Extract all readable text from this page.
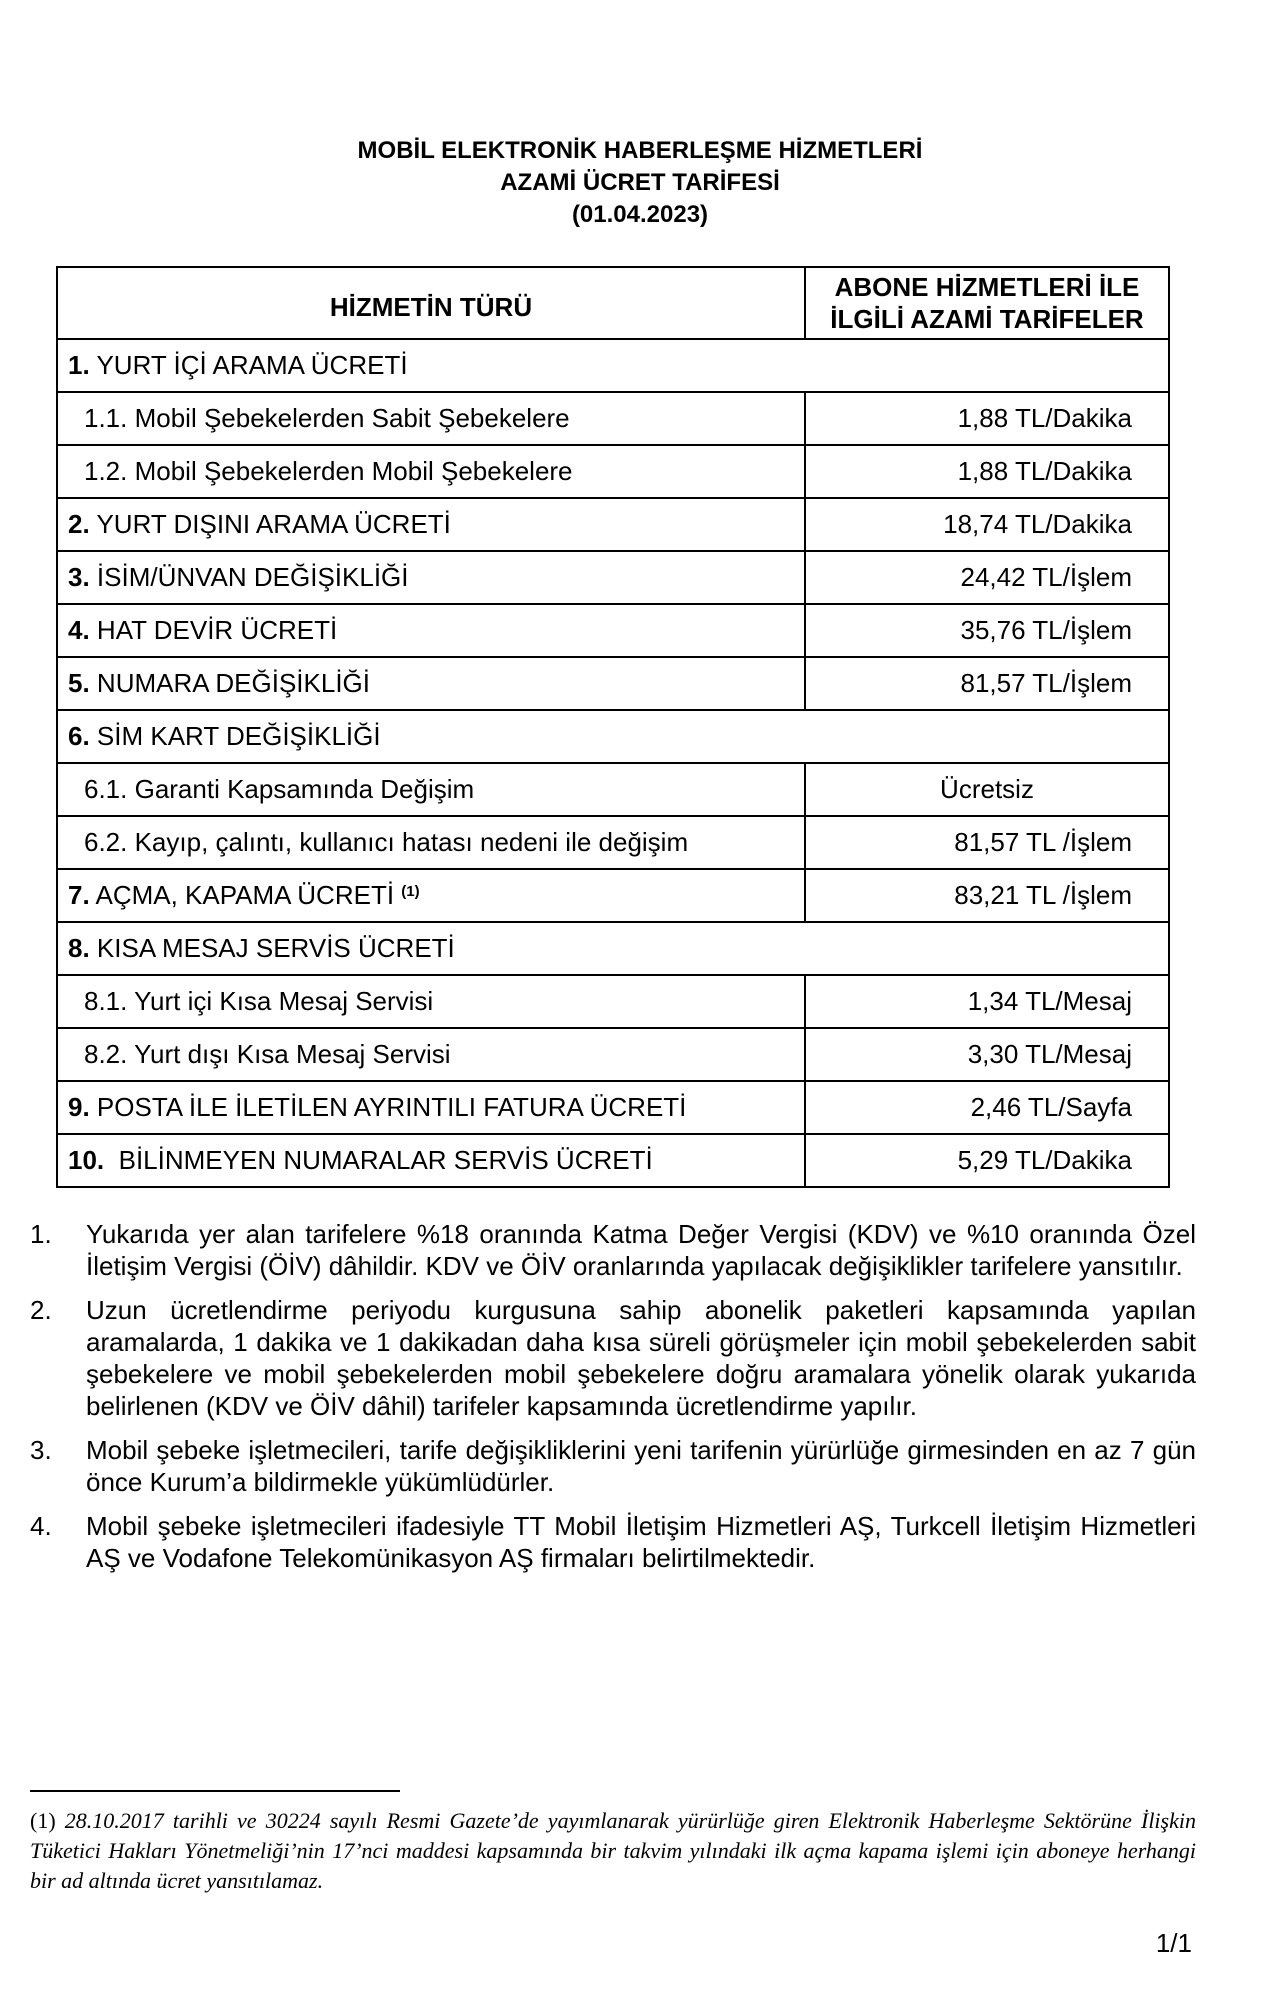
MOBİL ELEKTRONİK HABERLEŞME HİZMETLERİ
AZAMİ ÜCRET TARİFESİ
(01.04.2023)
HİZMETİN TÜRÜ	ABONE HİZMETLERİ İLE
İLGİLİ AZAMİ TARİFELER

1. YURT İÇİ ARAMA ÜCRETİ	
1.1. Mobil Şebekelerden Sabit Şebekelere	1,88 TL/Dakika
1.2. Mobil Şebekelerden Mobil Şebekelere	1,88 TL/Dakika
2. YURT DIŞINI ARAMA ÜCRETİ	18,74 TL/Dakika
3. İSİM/ÜNVAN DEĞİŞİKLİĞİ	24,42 TL/İşlem
4. HAT DEVİR ÜCRETİ	35,76 TL/İşlem
5. NUMARA DEĞİŞİKLİĞİ	81,57 TL/İşlem
6. SİM KART DEĞİŞİKLİĞİ	
6.1. Garanti Kapsamında Değişim	Ücretsiz
6.2. Kayıp, çalıntı, kullanıcı hatası nedeni ile değişim	81,57 TL /İşlem
7. AÇMA, KAPAMA ÜCRETİ $^{(1)}$	83,21 TL /İşlem
8. KISA MESAJ SERVİS ÜCRETİ	
8.1. Yurt içi Kısa Mesaj Servisi	1,34 TL/Mesaj
8.2. Yurt dışı Kısa Mesaj Servisi	3,30 TL/Mesaj
9. POSTA İLE İLETİLEN AYRINTILI FATURA ÜCRETİ	2,46 TL/Sayfa
10. BİLİNMEYEN NUMARALAR SERVİS ÜCRETİ	5,29 TL/Dakika
1.	Yukarıda yer alan tarifelere %18 oranında Katma Değer Vergisi (KDV) ve %10 oranında Özel İletişim Vergisi (ÖİV) dâhildir. KDV ve ÖİV oranlarında yapılacak değişiklikler tarifelere yansıtılır.
2.	Uzun ücretlendirme periyodu kurgusuna sahip abonelik paketleri kapsamında yapılan aramalarda, 1 dakika ve 1 dakikadan daha kısa süreli görüşmeler için mobil şebekelerden sabit şebekelere ve mobil şebekelerden mobil şebekelere doğru aramalara yönelik olarak yukarıda belirlenen (KDV ve ÖİV dâhil) tarifeler kapsamında ücretlendirme yapılır.
3.	Mobil şebeke işletmecileri, tarife değişikliklerini yeni tarifenin yürürlüğe girmesinden en az 7 gün önce Kurum’a bildirmekle yükümlüdürler.
4.	Mobil şebeke işletmecileri ifadesiyle TT Mobil İletişim Hizmetleri AŞ, Turkcell İletişim Hizmetleri AŞ ve Vodafone Telekomünikasyon AŞ firmaları belirtilmektedir.
(1) 28.10.2017 tarihli ve 30224 sayılı Resmi Gazete’de yayımlanarak yürürlüğe giren Elektronik Haberleşme Sektörüne İlişkin Tüketici Hakları Yönetmeliği’nin 17’nci maddesi kapsamında bir takvim yılındaki ilk açma kapama işlemi için aboneye herhangi bir ad altında ücret yansıtılamaz.
1/1
